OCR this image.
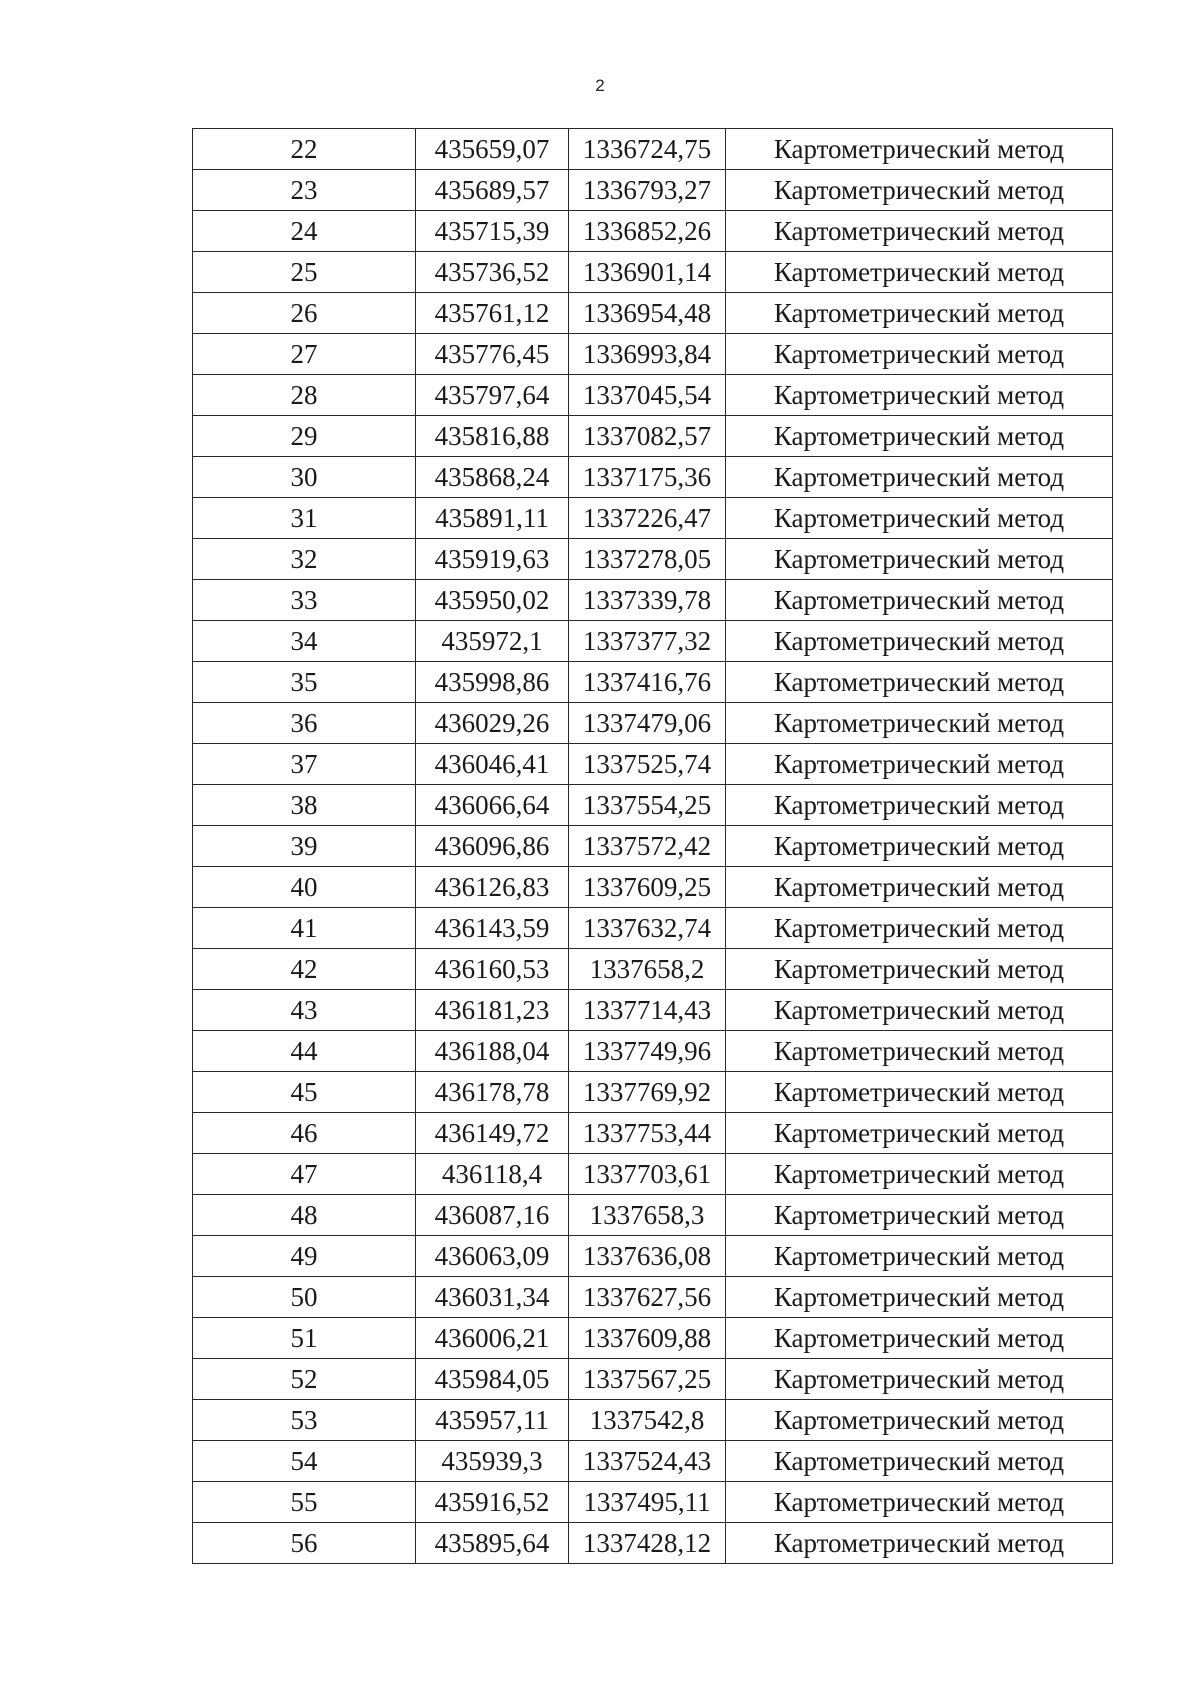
2
22	435659,07	1336724,75	Картометрический метод
23	435689,57	1336793,27	Картометрический метод
24	435715,39	1336852,26	Картометрический метод
25	435736,52	1336901,14	Картометрический метод
26	435761,12	1336954,48	Картометрический метод
27	435776,45	1336993,84	Картометрический метод
28	435797,64	1337045,54	Картометрический метод
29	435816,88	1337082,57	Картометрический метод
30	435868,24	1337175,36	Картометрический метод
31	435891,11	1337226,47	Картометрический метод
32	435919,63	1337278,05	Картометрический метод
33	435950,02	1337339,78	Картометрический метод
34	435972,1	1337377,32	Картометрический метод
35	435998,86	1337416,76	Картометрический метод
36	436029,26	1337479,06	Картометрический метод
37	436046,41	1337525,74	Картометрический метод
38	436066,64	1337554,25	Картометрический метод
39	436096,86	1337572,42	Картометрический метод
40	436126,83	1337609,25	Картометрический метод
41	436143,59	1337632,74	Картометрический метод
42	436160,53	1337658,2	Картометрический метод
43	436181,23	1337714,43	Картометрический метод
44	436188,04	1337749,96	Картометрический метод
45	436178,78	1337769,92	Картометрический метод
46	436149,72	1337753,44	Картометрический метод
47	436118,4	1337703,61	Картометрический метод
48	436087,16	1337658,3	Картометрический метод
49	436063,09	1337636,08	Картометрический метод
50	436031,34	1337627,56	Картометрический метод
51	436006,21	1337609,88	Картометрический метод
52	435984,05	1337567,25	Картометрический метод
53	435957,11	1337542,8	Картометрический метод
54	435939,3	1337524,43	Картометрический метод
55	435916,52	1337495,11	Картометрический метод
56	435895,64	1337428,12	Картометрический метод
